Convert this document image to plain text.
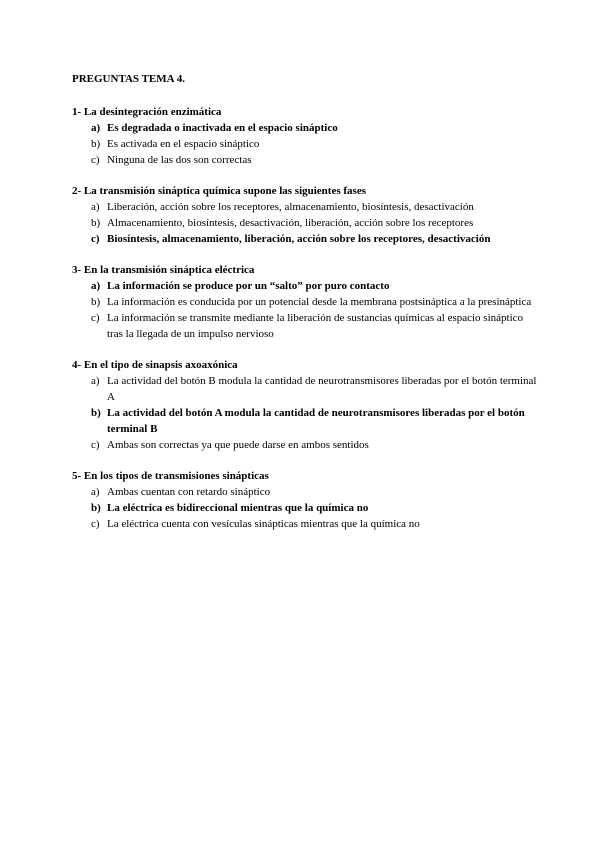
PREGUNTAS TEMA 4.
1- La desintegración enzimática
a) Es degradada o inactivada en el espacio sináptico
b) Es activada en el espacio sináptico
c) Ninguna de las dos son correctas
2- La transmisión sináptica química supone las siguientes fases
a) Liberación, acción sobre los receptores, almacenamiento, biosíntesis, desactivación
b) Almacenamiento, biosíntesis, desactivación, liberación, acción sobre los receptores
c) Biosíntesis, almacenamiento, liberación, acción sobre los receptores, desactivación
3- En la transmisión sináptica eléctrica
a) La información se produce por un “salto” por puro contacto
b) La información es conducida por un potencial desde la membrana postsináptica a la presináptica
c) La información se transmite mediante la liberación de sustancias químicas al espacio sináptico tras la llegada de un impulso nervioso
4- En el tipo de sinapsis axoaxónica
a) La actividad del botón B modula la cantidad de neurotransmisores liberadas por el botón terminal A
b) La actividad del botón A modula la cantidad de neurotransmisores liberadas por el botón terminal B
c) Ambas son correctas ya que puede darse en ambos sentidos
5- En los tipos de transmisiones sinápticas
a) Ambas cuentan con retardo sináptico
b) La eléctrica es bidireccional mientras que la química no
c) La eléctrica cuenta con vesículas sinápticas mientras que la química no
